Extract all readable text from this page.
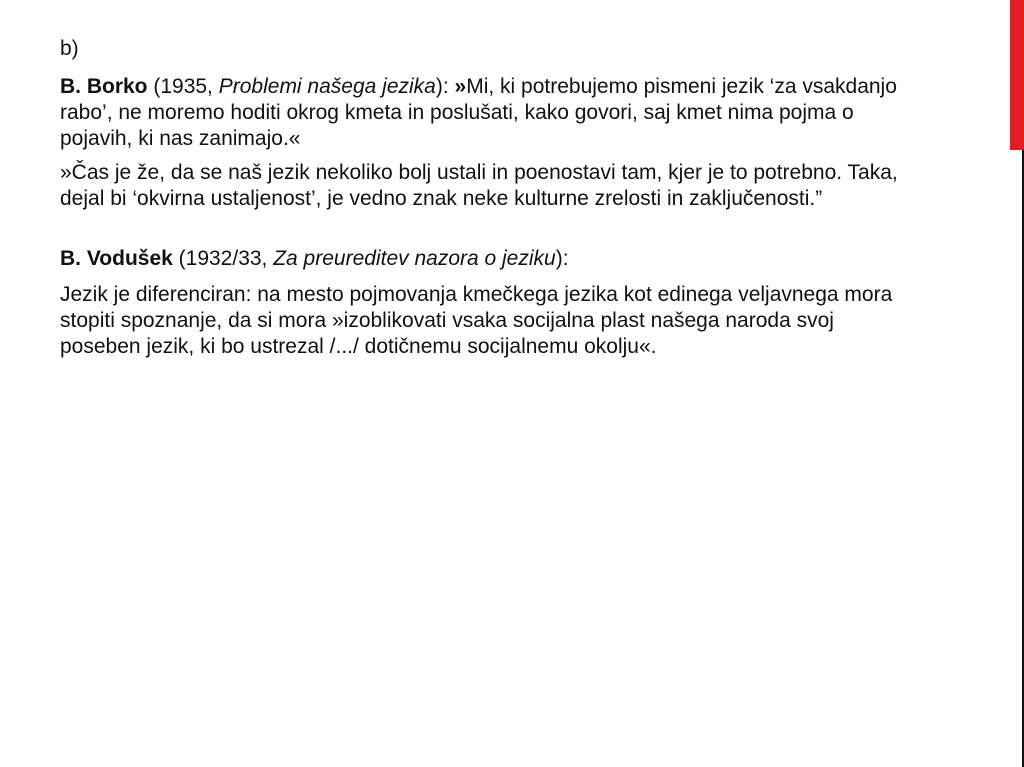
b)

B. Borko (1935, Problemi našega jezika): »Mi, ki potrebujemo pismeni jezik ‘za vsakdanjo rabo’, ne moremo hoditi okrog kmeta in poslušati, kako govori, saj kmet nima pojma o pojavih, ki nas zanimajo.«

»Čas je že, da se naš jezik nekoliko bolj ustali in poenostavi tam, kjer je to potrebno. Taka, dejal bi ‘okvirna ustaljenost’, je vedno znak neke kulturne zrelosti in zaključenosti.”

B. Vodušek (1932/33, Za preureditev nazora o jeziku):

Jezik je diferenciran: na mesto pojmovanja kmečkega jezika kot edinega veljavnega mora stopiti spoznanje, da si mora »izoblikovati vsaka socijalna plast našega naroda svoj poseben jezik, ki bo ustrezal /.../ dotičnemu socijalnemu okolju«.
